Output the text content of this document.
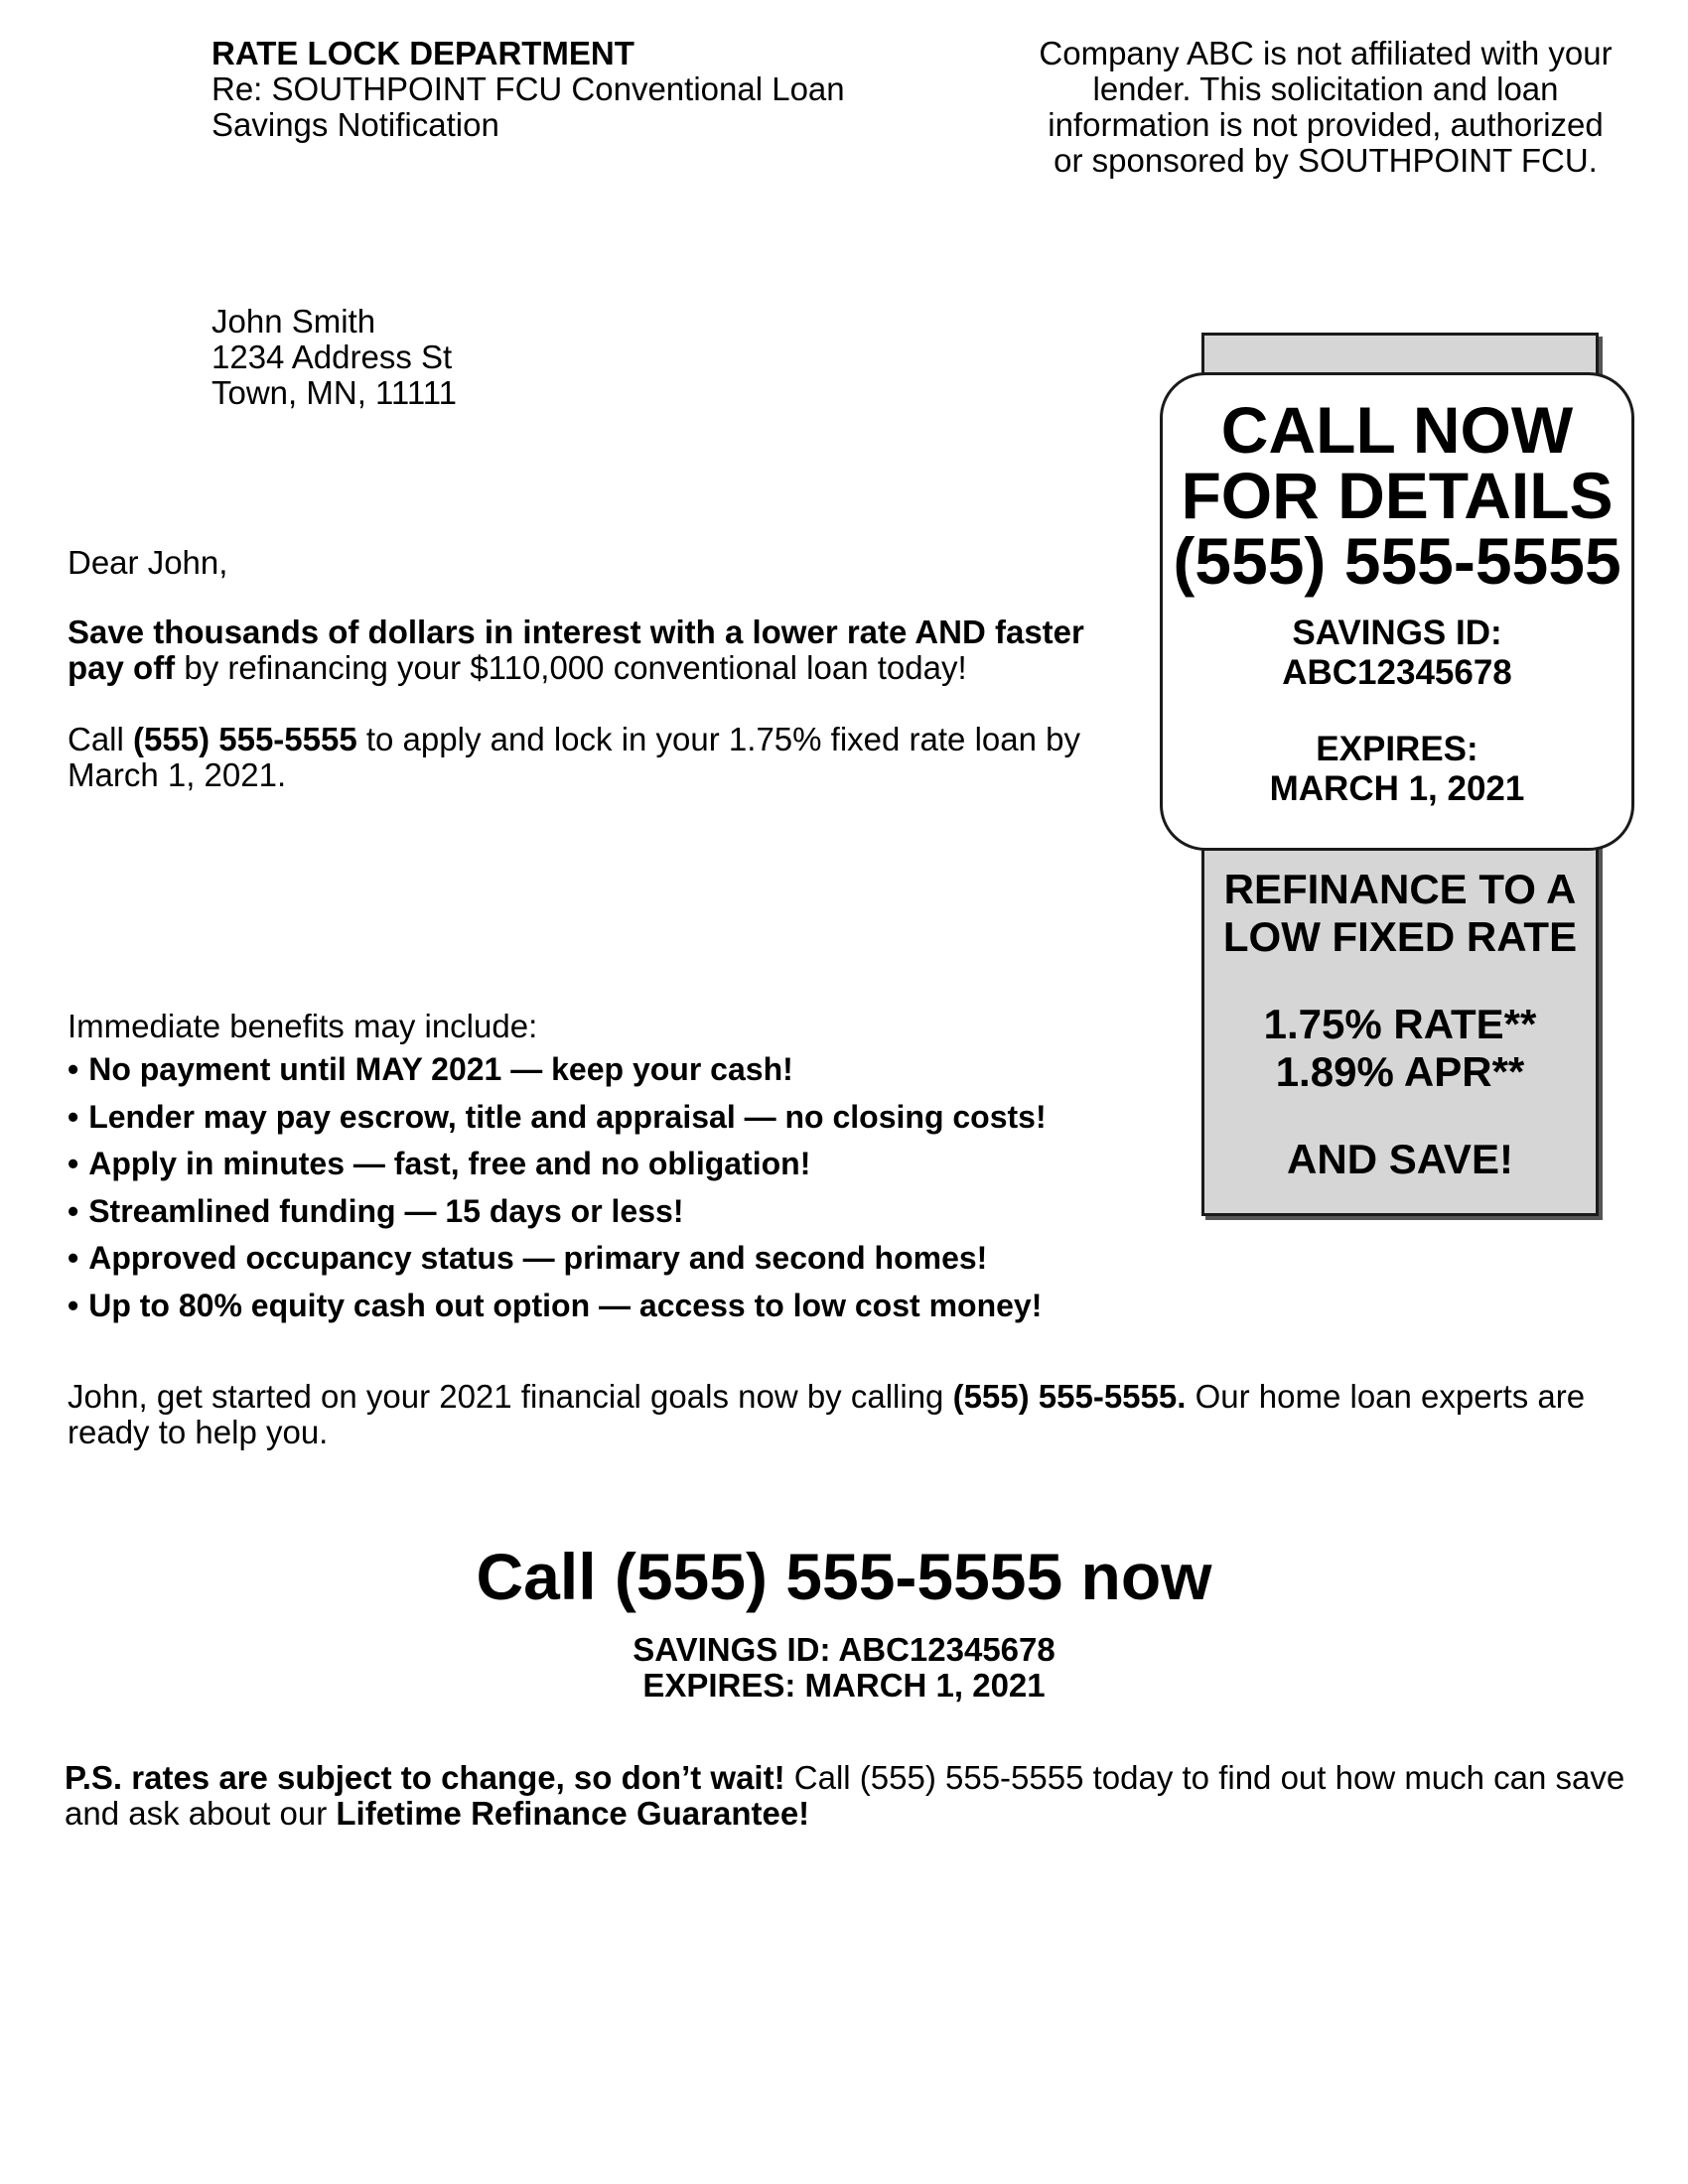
RATE LOCK DEPARTMENT
Re: SOUTHPOINT FCU Conventional Loan
Savings Notification
Company ABC is not affiliated with your
lender. This solicitation and loan
information is not provided, authorized
or sponsored by SOUTHPOINT FCU.
John Smith
1234 Address St
Town, MN, 11111
Dear John,
Save thousands of dollars in interest with a lower rate AND faster pay off by refinancing your $110,000 conventional loan today!
Call (555) 555-5555 to apply and lock in your 1.75% fixed rate loan by March 1, 2021.
Immediate benefits may include:
• No payment until MAY 2021 — keep your cash!
• Lender may pay escrow, title and appraisal — no closing costs!
• Apply in minutes — fast, free and no obligation!
• Streamlined funding — 15 days or less!
• Approved occupancy status — primary and second homes!
• Up to 80% equity cash out option — access to low cost money!
John, get started on your 2021 financial goals now by calling (555) 555-5555. Our home loan experts are ready to help you.
Call (555) 555-5555 now
SAVINGS ID: ABC12345678
EXPIRES: MARCH 1, 2021
P.S. rates are subject to change, so don’t wait! Call (555) 555-5555 today to find out how much can save and ask about our Lifetime Refinance Guarantee!
CALL NOW
FOR DETAILS
(555) 555-5555
SAVINGS ID:
ABC12345678
EXPIRES:
MARCH 1, 2021
REFINANCE TO A
LOW FIXED RATE
1.75% RATE**
1.89% APR**
AND SAVE!
